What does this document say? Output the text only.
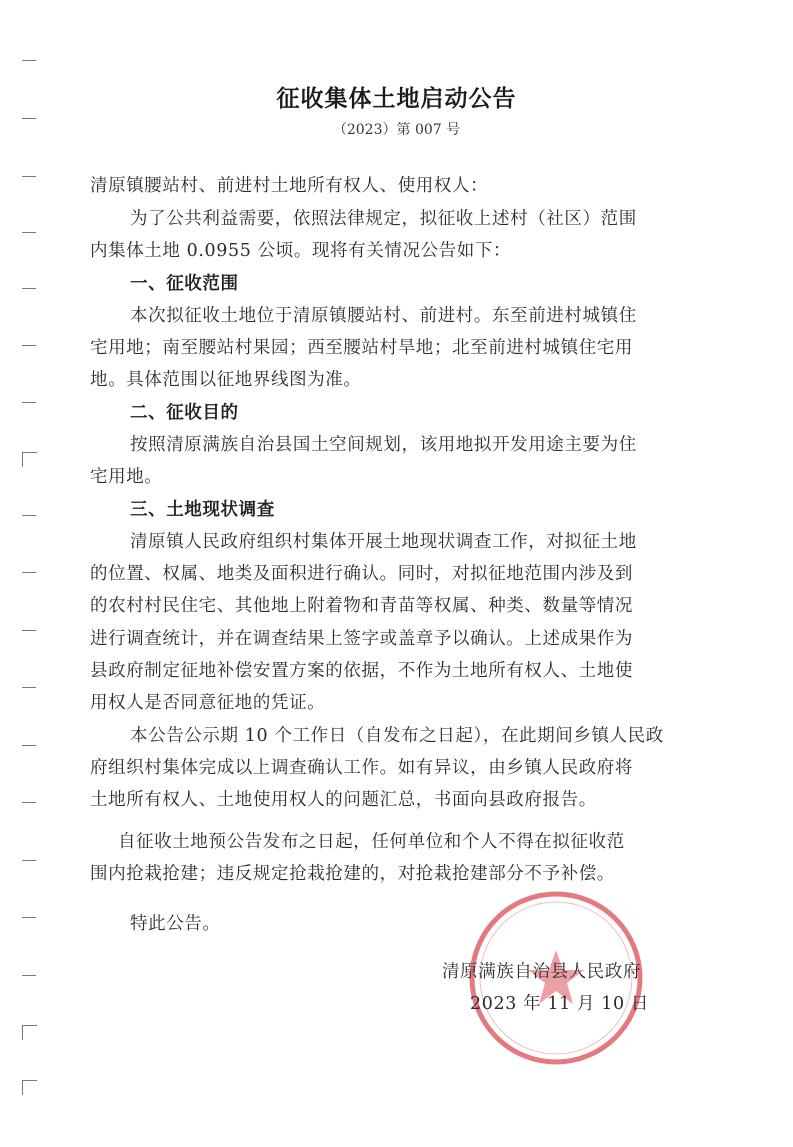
征收集体土地启动公告
（2023）第 007 号
清原镇腰站村、前进村土地所有权人、使用权人：
为了公共利益需要，依照法律规定，拟征收上述村（社区）范围
内集体土地 0.0955 公顷。现将有关情况公告如下：
一、征收范围
本次拟征收土地位于清原镇腰站村、前进村。东至前进村城镇住
宅用地；南至腰站村果园；西至腰站村旱地；北至前进村城镇住宅用
地。具体范围以征地界线图为准。
二、征收目的
按照清原满族自治县国土空间规划，该用地拟开发用途主要为住
宅用地。
三、土地现状调查
清原镇人民政府组织村集体开展土地现状调查工作，对拟征土地
的位置、权属、地类及面积进行确认。同时，对拟征地范围内涉及到
的农村村民住宅、其他地上附着物和青苗等权属、种类、数量等情况
进行调查统计，并在调查结果上签字或盖章予以确认。上述成果作为
县政府制定征地补偿安置方案的依据，不作为土地所有权人、土地使
用权人是否同意征地的凭证。
本公告公示期 10 个工作日（自发布之日起），在此期间乡镇人民政
府组织村集体完成以上调查确认工作。如有异议，由乡镇人民政府将
土地所有权人、土地使用权人的问题汇总，书面向县政府报告。
自征收土地预公告发布之日起，任何单位和个人不得在拟征收范
围内抢栽抢建；违反规定抢栽抢建的，对抢栽抢建部分不予补偿。
特此公告。
清原满族自治县人民政府
2023 年 11 月 10 日
